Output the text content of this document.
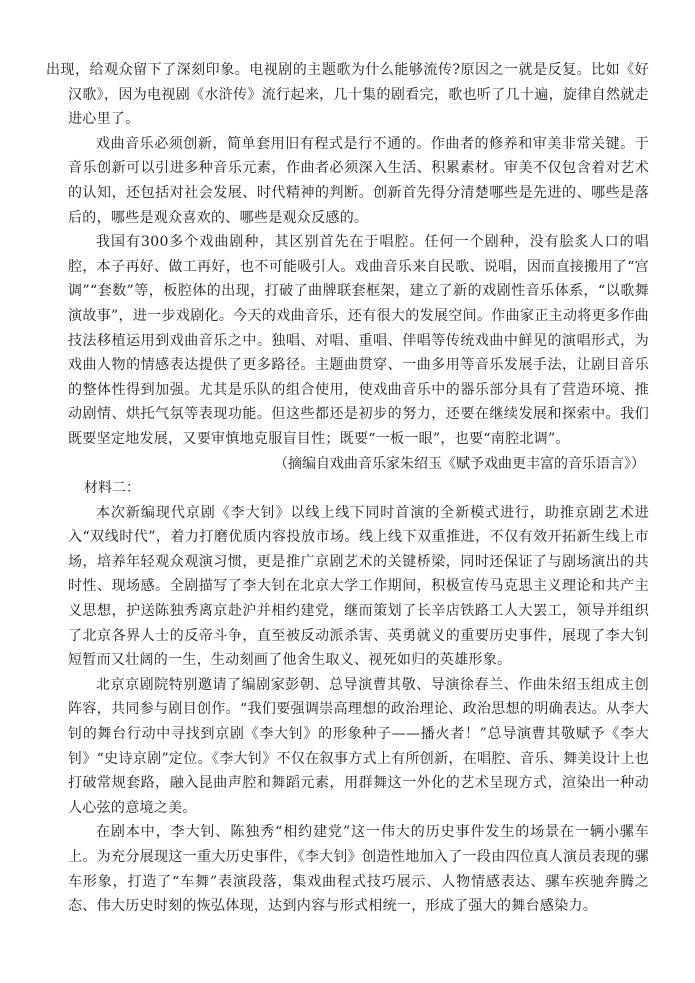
出现，给观众留下了深刻印象。电视剧的主题歌为什么能够流传?原因之一就是反复。比如《好汉歌》，因为电视剧《水浒传》流行起来，几十集的剧看完，歌也听了几十遍，旋律自然就走进心里了。

戏曲音乐必须创新，简单套用旧有程式是行不通的。作曲者的修养和审美非常关键。于音乐创新可以引进多种音乐元素，作曲者必须深入生活、积累素材。审美不仅包含着对艺术的认知，还包括对社会发展、时代精神的判断。创新首先得分清楚哪些是先进的、哪些是落后的，哪些是观众喜欢的、哪些是观众反感的。

我国有300多个戏曲剧种，其区别首先在于唱腔。任何一个剧种，没有脍炙人口的唱腔，本子再好、做工再好，也不可能吸引人。戏曲音乐来自民歌、说唱，因而直接搬用了“宫调”“套数”等，板腔体的出现，打破了曲牌联套框架，建立了新的戏剧性音乐体系，“以歌舞演故事”，进一步戏剧化。今天的戏曲音乐，还有很大的发展空间。作曲家正主动将更多作曲技法移植运用到戏曲音乐之中。独唱、对唱、重唱、伴唱等传统戏曲中鲜见的演唱形式，为戏曲人物的情感表达提供了更多路径。主题曲贯穿、一曲多用等音乐发展手法，让剧目音乐的整体性得到加强。尤其是乐队的组合使用，使戏曲音乐中的器乐部分具有了营造环境、推动剧情、烘托气氛等表现功能。但这些都还是初步的努力，还要在继续发展和探索中。我们既要坚定地发展，又要审慎地克服盲目性；既要“一板一眼”，也要“南腔北调”。

（摘编自戏曲音乐家朱绍玉《赋予戏曲更丰富的音乐语言》）

材料二：

本次新编现代京剧《李大钊》以线上线下同时首演的全新模式进行，助推京剧艺术进入“双线时代”，着力打磨优质内容投放市场。线上线下双重推进，不仅有效开拓新生线上市场，培养年轻观众观演习惯，更是推广京剧艺术的关键桥梁，同时还保证了与剧场演出的共时性、现场感。全剧描写了李大钊在北京大学工作期间，积极宣传马克思主义理论和共产主义思想，护送陈独秀离京赴沪并相约建党，继而策划了长辛店铁路工人大罢工，领导并组织了北京各界人士的反帝斗争，直至被反动派杀害、英勇就义的重要历史事件，展现了李大钊短暂而又壮阔的一生，生动刻画了他舍生取义、视死如归的英雄形象。

北京京剧院特别邀请了编剧家彭朝、总导演曹其敬、导演徐春兰、作曲朱绍玉组成主创阵容，共同参与剧目创作。“我们要强调崇高理想的政治理论、政治思想的明确表达。从李大钊的舞台行动中寻找到京剧《李大钊》的形象种子——播火者！”总导演曹其敬赋予《李大钊》“史诗京剧”定位。《李大钊》不仅在叙事方式上有所创新，在唱腔、音乐、舞美设计上也打破常规套路，融入昆曲声腔和舞蹈元素，用群舞这一外化的艺术呈现方式，渲染出一种动人心弦的意境之美。

在剧本中，李大钊、陈独秀“相约建党”这一伟大的历史事件发生的场景在一辆小骡车上。为充分展现这一重大历史事件，《李大钊》创造性地加入了一段由四位真人演员表现的骡车形象，打造了“车舞”表演段落，集戏曲程式技巧展示、人物情感表达、骡车疾驰奔腾之态、伟大历史时刻的恢弘体现，达到内容与形式相统一，形成了强大的舞台感染力。
